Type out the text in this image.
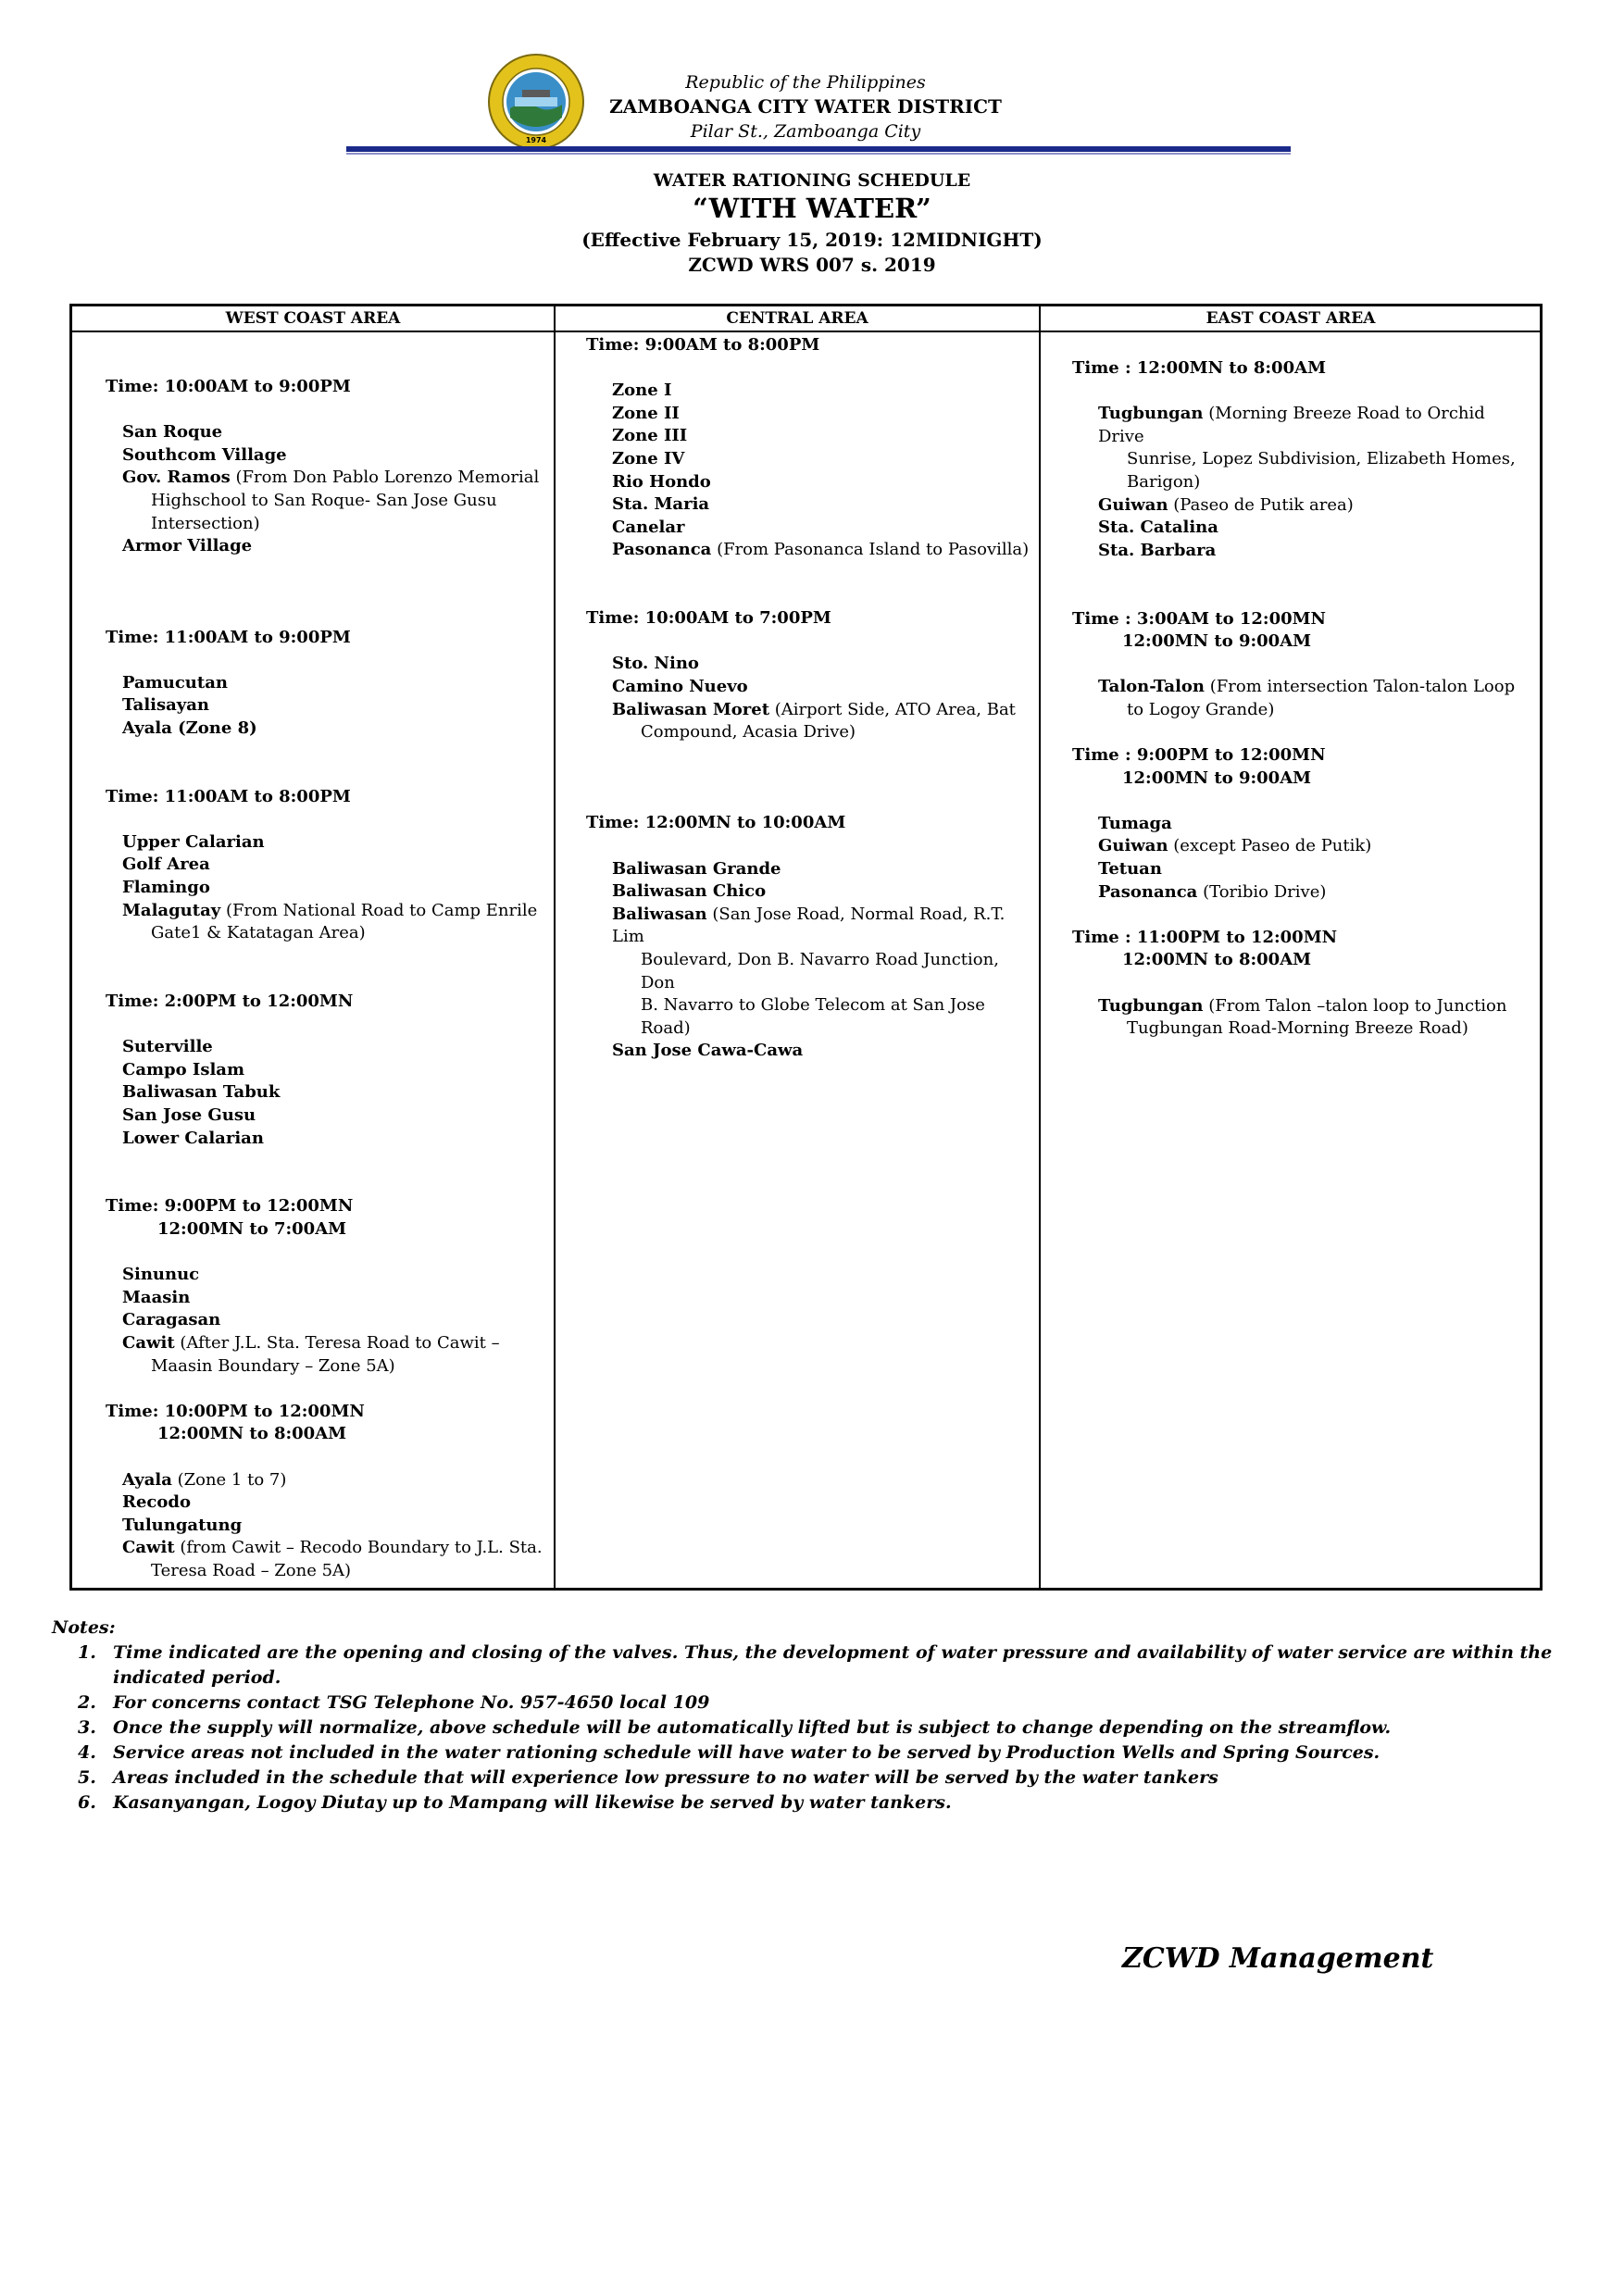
1974
Republic of the Philippines
ZAMBOANGA CITY WATER DISTRICT
Pilar St., Zamboanga City
WATER RATIONING SCHEDULE
“WITH WATER”
(Effective February 15, 2019: 12MIDNIGHT)
ZCWD WRS 007 s. 2019
WEST COAST AREA	CENTRAL AREA	EAST COAST AREA
Time: 10:00AM to 9:00PM
San Roque
Southcom Village
Gov. Ramos (From Don Pablo Lorenzo Memorial
Highschool to San Roque- San Jose Gusu
Intersection)
Armor Village
Time: 11:00AM to 9:00PM
Pamucutan
Talisayan
Ayala (Zone 8)
Time: 11:00AM to 8:00PM
Upper Calarian
Golf Area
Flamingo
Malagutay (From National Road to Camp Enrile
Gate1 & Katatagan Area)
Time: 2:00PM to 12:00MN
Suterville
Campo Islam
Baliwasan Tabuk
San Jose Gusu
Lower Calarian
Time: 9:00PM to 12:00MN
12:00MN to 7:00AM
Sinunuc
Maasin
Caragasan
Cawit (After J.L. Sta. Teresa Road to Cawit –
Maasin Boundary – Zone 5A)
Time: 10:00PM to 12:00MN
12:00MN to 8:00AM
Ayala (Zone 1 to 7)
Recodo
Tulungatung
Cawit (from Cawit – Recodo Boundary to J.L. Sta.
Teresa Road – Zone 5A)
Time: 9:00AM to 8:00PM
Zone I
Zone II
Zone III
Zone IV
Rio Hondo
Sta. Maria
Canelar
Pasonanca (From Pasonanca Island to Pasovilla)
Time: 10:00AM to 7:00PM
Sto. Nino
Camino Nuevo
Baliwasan Moret (Airport Side, ATO Area, Bat
Compound, Acasia Drive)
Time: 12:00MN to 10:00AM
Baliwasan Grande
Baliwasan Chico
Baliwasan (San Jose Road, Normal Road, R.T. Lim
Boulevard, Don B. Navarro Road Junction, Don
B. Navarro to Globe Telecom at San Jose Road)
San Jose Cawa-Cawa
Time : 12:00MN to 8:00AM
Tugbungan (Morning Breeze Road to Orchid Drive
Sunrise, Lopez Subdivision, Elizabeth Homes,
Barigon)
Guiwan (Paseo de Putik area)
Sta. Catalina
Sta. Barbara
Time : 3:00AM to 12:00MN
12:00MN to 9:00AM
Talon-Talon (From intersection Talon-talon Loop
to Logoy Grande)
Time : 9:00PM to 12:00MN
12:00MN to 9:00AM
Tumaga
Guiwan (except Paseo de Putik)
Tetuan
Pasonanca (Toribio Drive)
Time : 11:00PM to 12:00MN
12:00MN to 8:00AM
Tugbungan (From Talon –talon loop to Junction
Tugbungan Road-Morning Breeze Road)
Notes:
1. Time indicated are the opening and closing of the valves. Thus, the development of water pressure and availability of water service are within the indicated period.
2. For concerns contact TSG Telephone No. 957-4650 local 109
3. Once the supply will normalize, above schedule will be automatically lifted but is subject to change depending on the streamflow.
4. Service areas not included in the water rationing schedule will have water to be served by Production Wells and Spring Sources.
5. Areas included in the schedule that will experience low pressure to no water will be served by the water tankers
6. Kasanyangan, Logoy Diutay up to Mampang will likewise be served by water tankers.
ZCWD Management
